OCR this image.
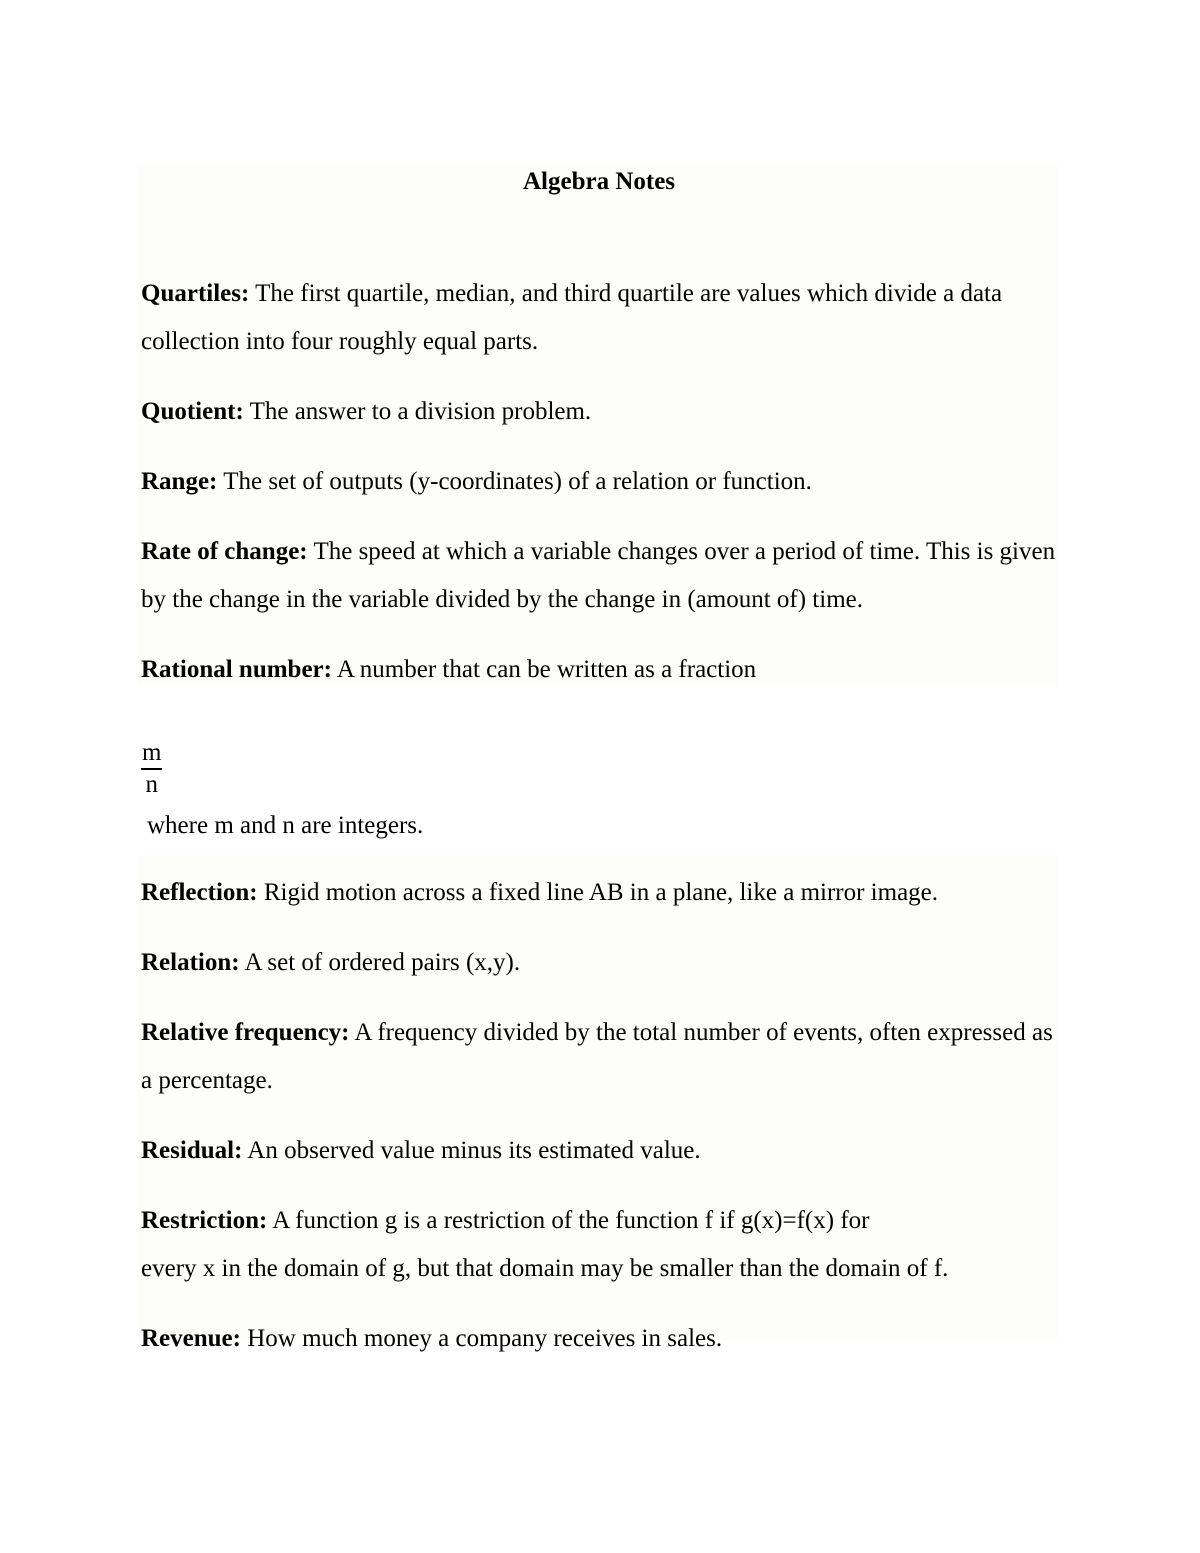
Algebra Notes

Quartiles: The first quartile, median, and third quartile are values which divide a data collection into four roughly equal parts.

Quotient: The answer to a division problem.

Range: The set of outputs (y-coordinates) of a relation or function.

Rate of change: The speed at which a variable changes over a period of time. This is given by the change in the variable divided by the change in (amount of) time.

Rational number: A number that can be written as a fraction

$\frac{m}{n}$

where m and n are integers.

Reflection: Rigid motion across a fixed line AB in a plane, like a mirror image.

Relation: A set of ordered pairs (x,y).

Relative frequency: A frequency divided by the total number of events, often expressed as a percentage.

Residual: An observed value minus its estimated value.

Restriction: A function g is a restriction of the function f if g(x)=f(x) for
every x in the domain of g, but that domain may be smaller than the domain of f.

Revenue: How much money a company receives in sales.
